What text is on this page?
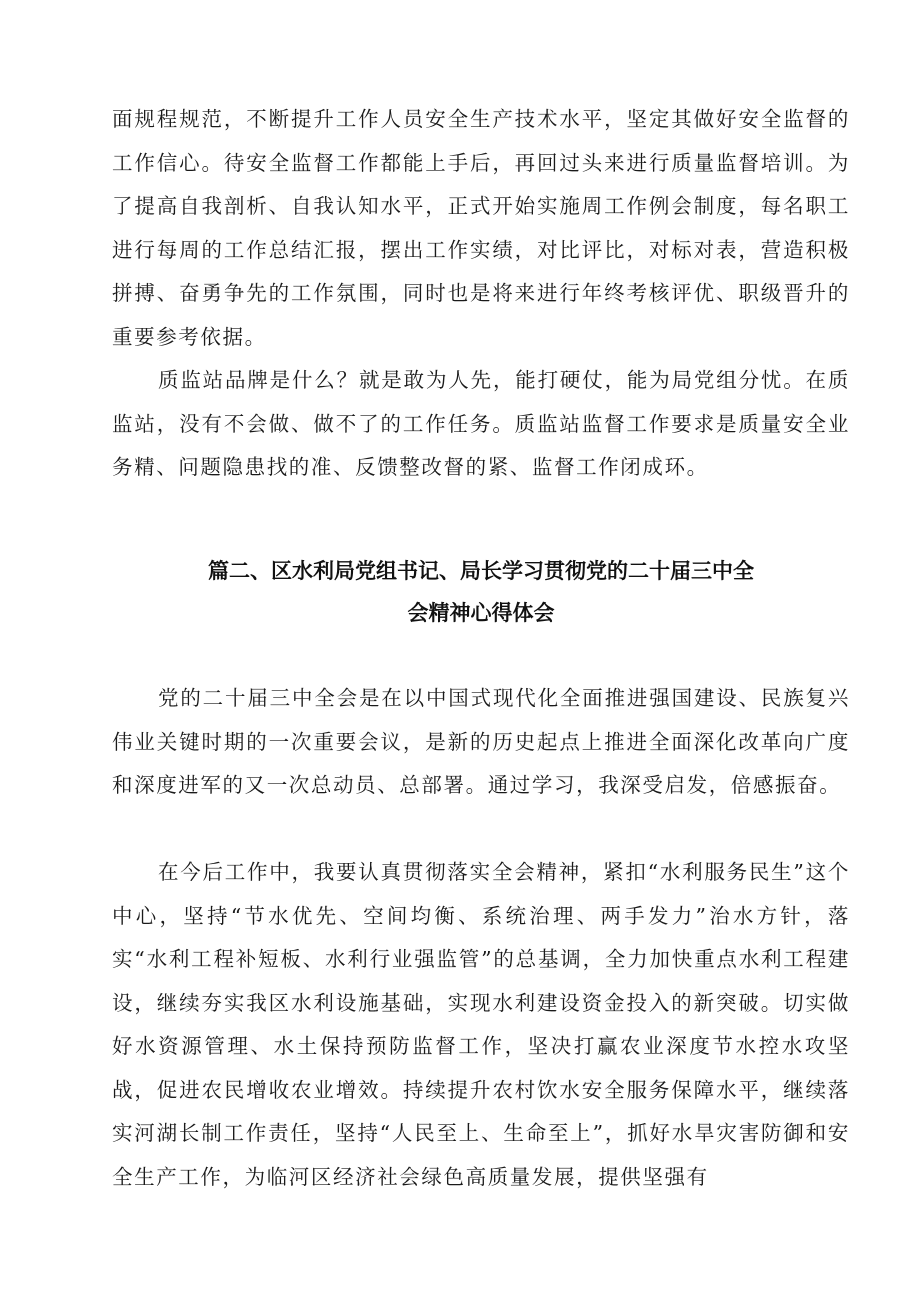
面规程规范，不断提升工作人员安全生产技术水平，坚定其做好安全监督的工作信心。待安全监督工作都能上手后，再回过头来进行质量监督培训。为了提高自我剖析、自我认知水平，正式开始实施周工作例会制度，每名职工进行每周的工作总结汇报，摆出工作实绩，对比评比，对标对表，营造积极拼搏、奋勇争先的工作氛围，同时也是将来进行年终考核评优、职级晋升的重要参考依据。

质监站品牌是什么？就是敢为人先，能打硬仗，能为局党组分忧。在质监站，没有不会做、做不了的工作任务。质监站监督工作要求是质量安全业务精、问题隐患找的准、反馈整改督的紧、监督工作闭成环。

篇二、区水利局党组书记、局长学习贯彻党的二十届三中全
会精神心得体会

党的二十届三中全会是在以中国式现代化全面推进强国建设、民族复兴伟业关键时期的一次重要会议，是新的历史起点上推进全面深化改革向广度和深度进军的又一次总动员、总部署。通过学习，我深受启发，倍感振奋。

在今后工作中，我要认真贯彻落实全会精神，紧扣“水利服务民生”这个中心，坚持“节水优先、空间均衡、系统治理、两手发力”治水方针，落实“水利工程补短板、水利行业强监管”的总基调，全力加快重点水利工程建设，继续夯实我区水利设施基础，实现水利建设资金投入的新突破。切实做好水资源管理、水土保持预防监督工作，坚决打赢农业深度节水控水攻坚战，促进农民增收农业增效。持续提升农村饮水安全服务保障水平，继续落实河湖长制工作责任，坚持“人民至上、生命至上”，抓好水旱灾害防御和安全生产工作，为临河区经济社会绿色高质量发展，提供坚强有
